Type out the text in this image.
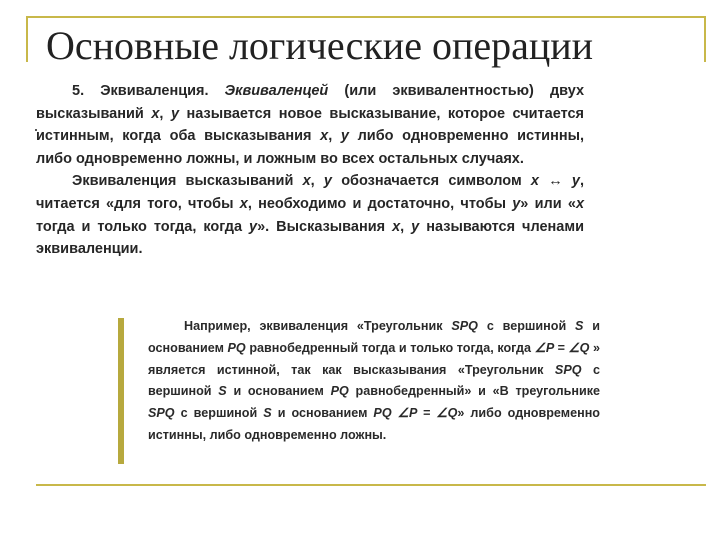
Основные логические операции

5. Эквиваленция. Эквиваленцей (или эквивалентностью) двух высказываний x, y называется новое высказывание, которое считается истинным, когда оба высказывания x, y либо одновременно истинны, либо одновременно ложны, и ложным во всех остальных случаях.

Эквиваленция высказываний x, y обозначается символом x ↔ y, читается «для того, чтобы x, необходимо и достаточно, чтобы y» или «x тогда и только тогда, когда y». Высказывания x, y называются членами эквиваленции.

Например, эквиваленция «Треугольник SPQ с вершиной S и основанием PQ равнобедренный тогда и только тогда, когда ∠P = ∠Q » является истинной, так как высказывания «Треугольник SPQ с вершиной S и основанием PQ равнобедренный» и «В треугольнике SPQ с вершиной S и основанием PQ ∠P = ∠Q» либо одновременно истинны, либо одновременно ложны.
